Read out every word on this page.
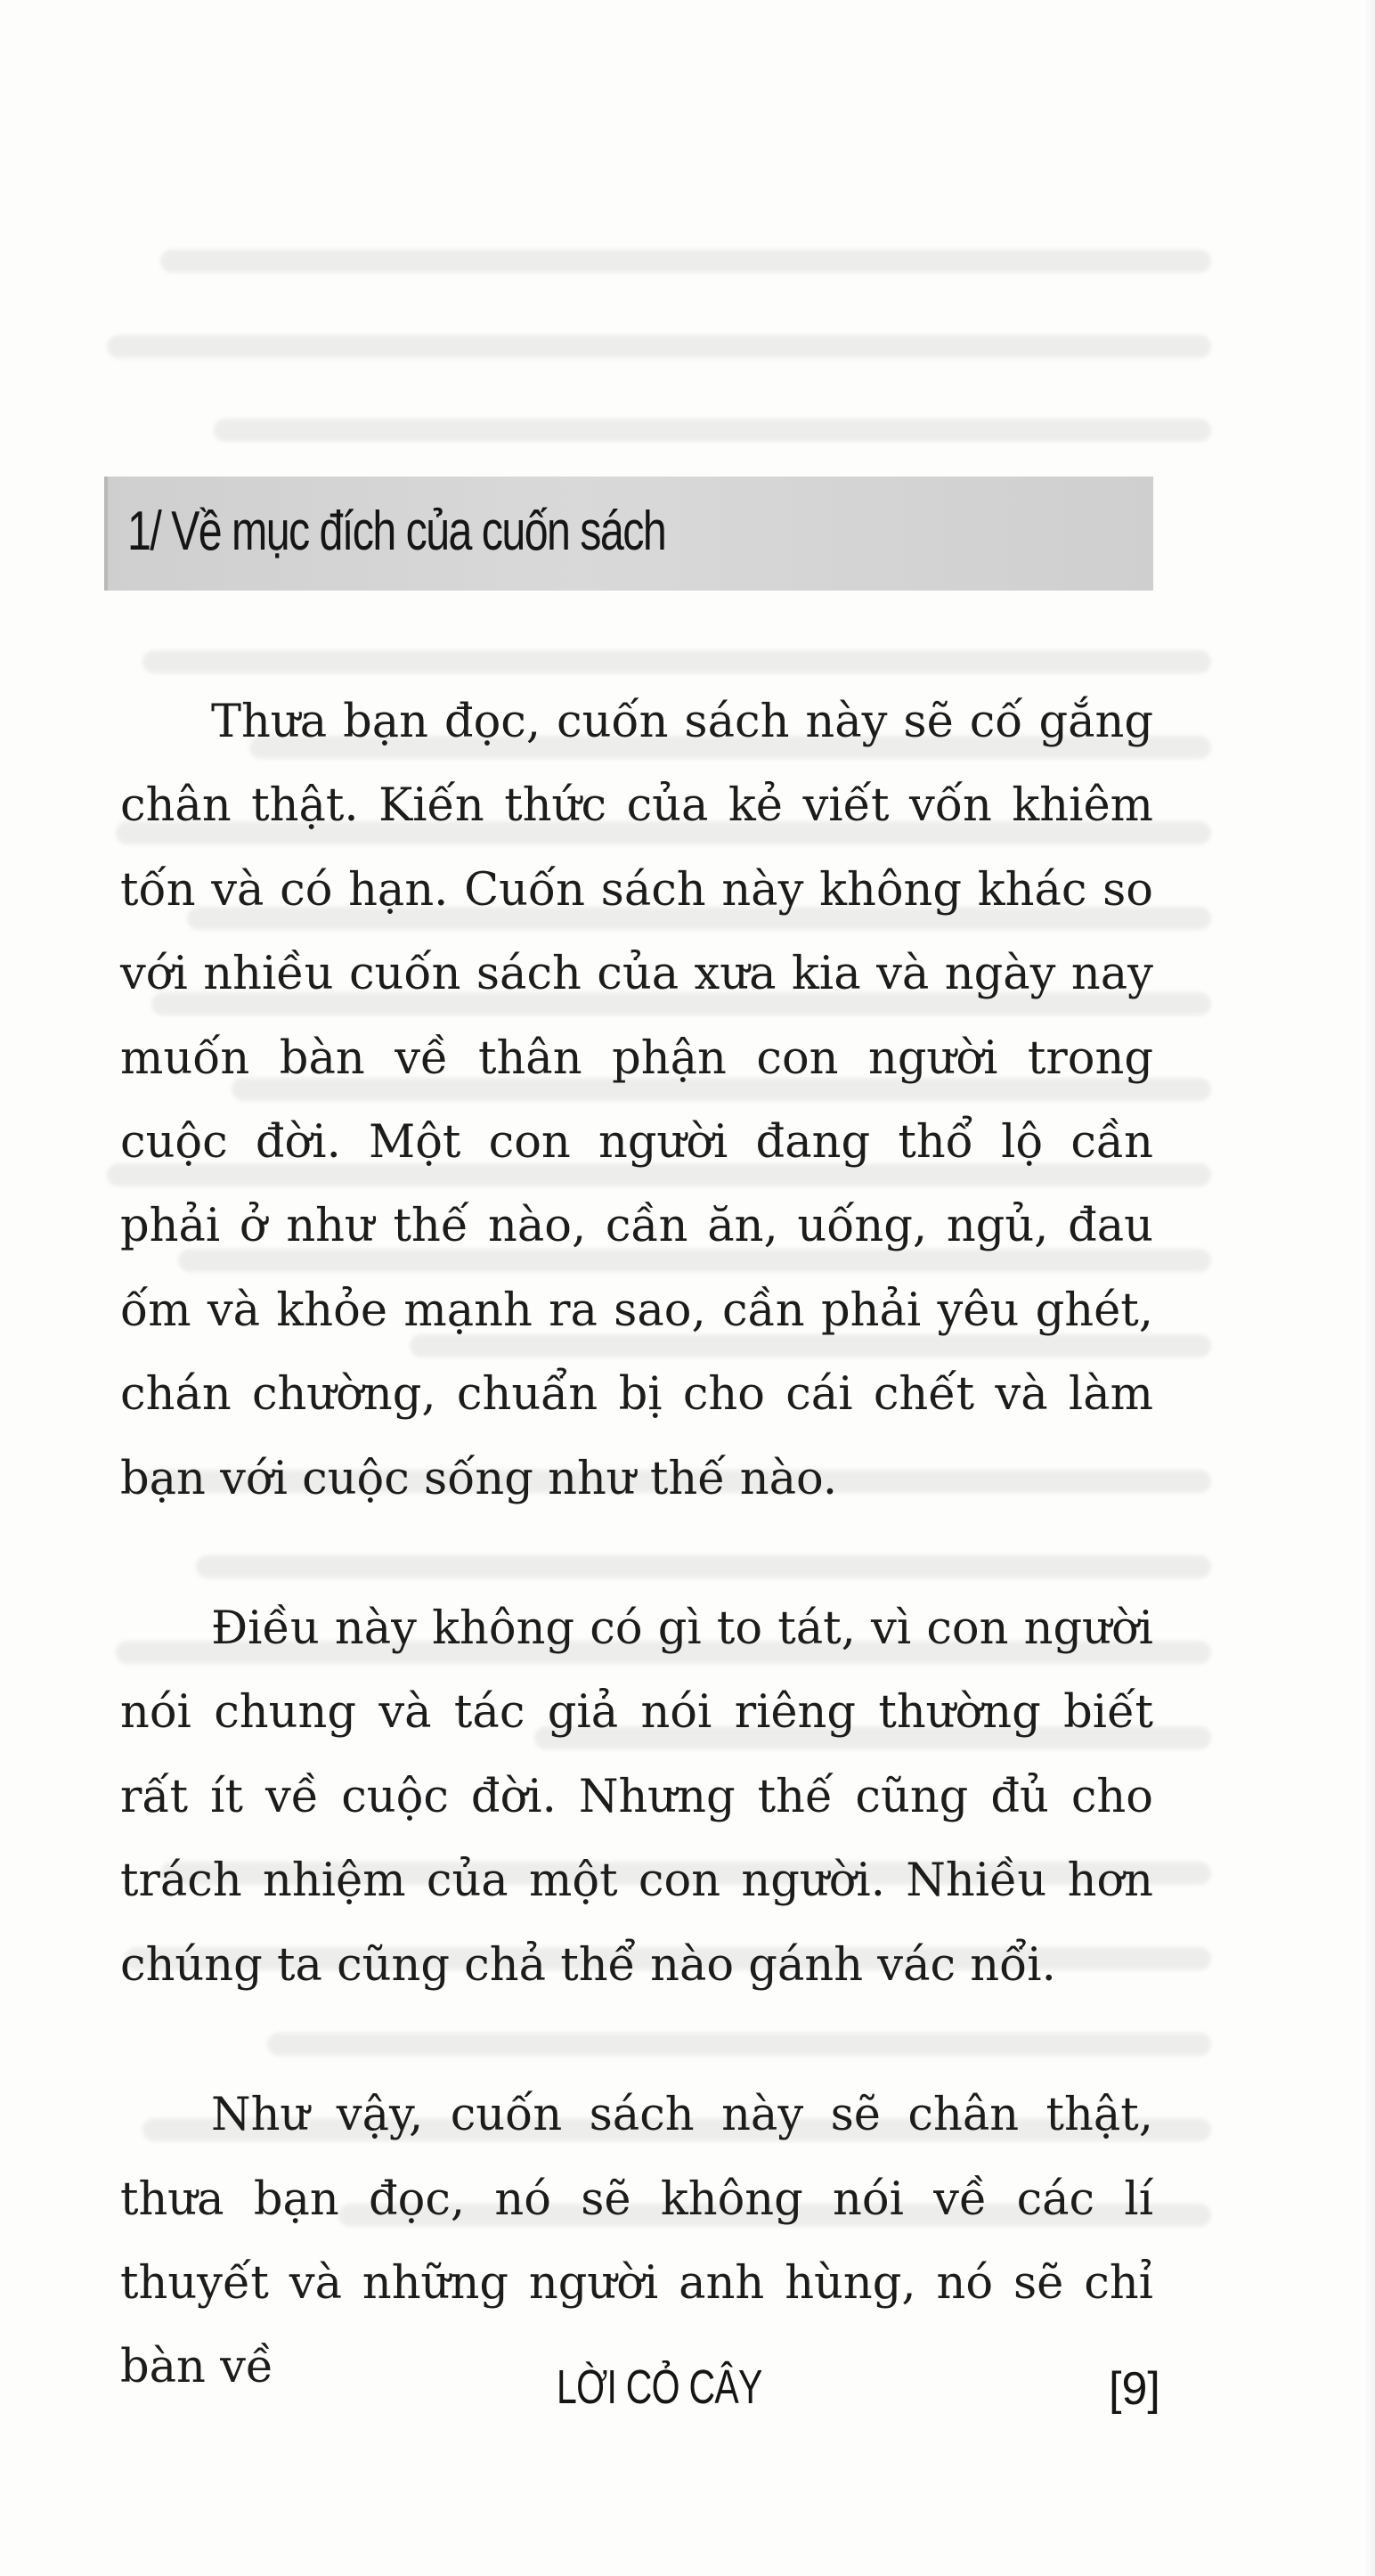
1/ Về mục đích của cuốn sách

Thưa bạn đọc, cuốn sách này sẽ cố gắng chân thật. Kiến thức của kẻ viết vốn khiêm tốn và có hạn. Cuốn sách này không khác so với nhiều cuốn sách của xưa kia và ngày nay muốn bàn về thân phận con người trong cuộc đời. Một con người đang thổ lộ cần phải ở như thế nào, cần ăn, uống, ngủ, đau ốm và khỏe mạnh ra sao, cần phải yêu ghét, chán chường, chuẩn bị cho cái chết và làm bạn với cuộc sống như thế nào.

Điều này không có gì to tát, vì con người nói chung và tác giả nói riêng thường biết rất ít về cuộc đời. Nhưng thế cũng đủ cho trách nhiệm của một con người. Nhiều hơn chúng ta cũng chả thể nào gánh vác nổi.

Như vậy, cuốn sách này sẽ chân thật, thưa bạn đọc, nó sẽ không nói về các lí thuyết và những người anh hùng, nó sẽ chỉ bàn về	LỜI CỎ CÂY	[9]
